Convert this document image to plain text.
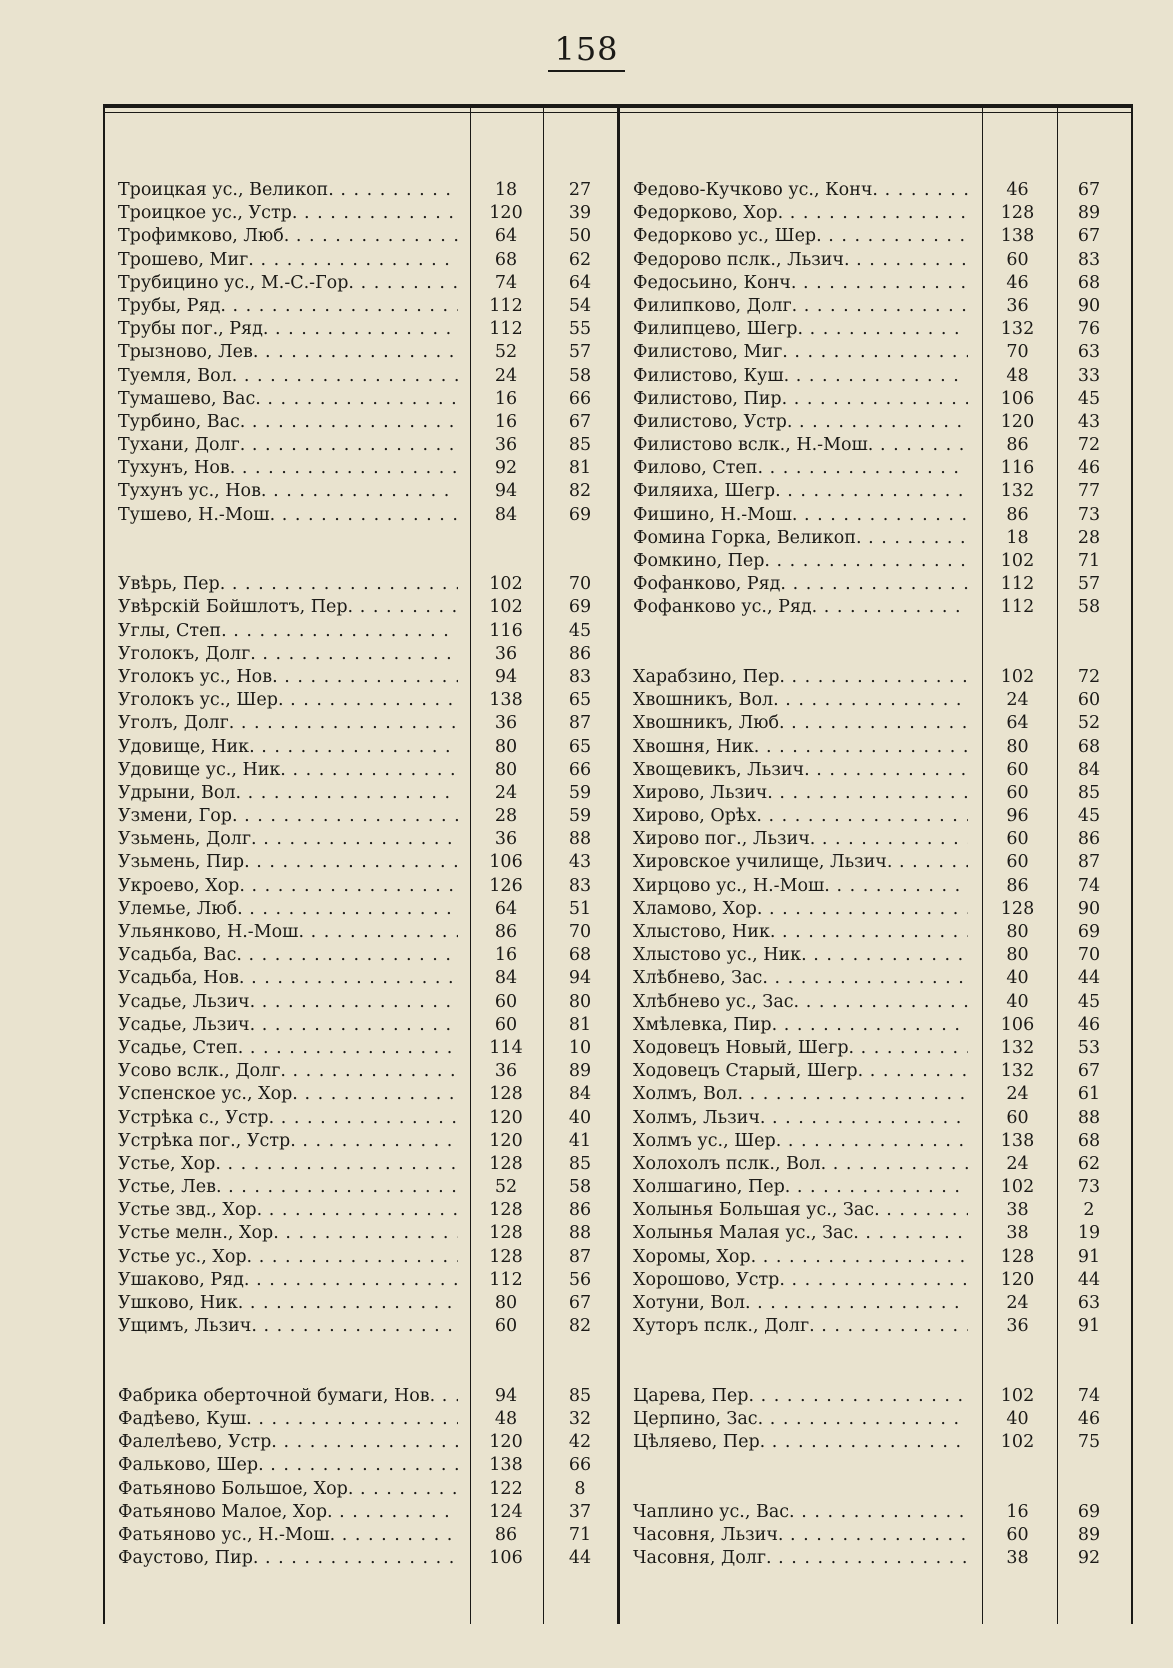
158
Троицкая ус., Великоп. . . .	18	27
Троицкое ус., Устр. . . .	120	39
Трофимково, Люб. . . .	64	50
Трошево, Миг. . . .	68	62
Трубицино ус., М.-С.-Гор. . . .	74	64
Трубы, Ряд. . . .	112	54
Трубы пог., Ряд. . . .	112	55
Трызново, Лев. . . .	52	57
Туемля, Вол. . . .	24	58
Тумашево, Вас. . . .	16	66
Турбино, Вас. . . .	16	67
Тухани, Долг. . . .	36	85
Тухунъ, Нов. . . .	92	81
Тухунъ ус., Нов. . . .	94	82
Тушево, Н.-Мош. . . .	84	69
Увѣрь, Пер. . . .	102	70
Увѣрскій Бойшлотъ, Пер. . . .	102	69
Углы, Степ. . . .	116	45
Уголокъ, Долг. . . .	36	86
Уголокъ ус., Нов. . . .	94	83
Уголокъ ус., Шер. . . .	138	65
Уголъ, Долг. . . .	36	87
Удовище, Ник. . . .	80	65
Удовище ус., Ник. . . .	80	66
Удрыни, Вол. . . .	24	59
Узмени, Гор. . . .	28	59
Узьмень, Долг. . . .	36	88
Узьмень, Пир. . . .	106	43
Укроево, Хор. . . .	126	83
Улемье, Люб. . . .	64	51
Ульянково, Н.-Мош. . . .	86	70
Усадьба, Вас. . . .	16	68
Усадьба, Нов. . . .	84	94
Усадье, Льзич. . . .	60	80
Усадье, Льзич. . . .	60	81
Усадье, Степ. . . .	114	10
Усово вслк., Долг. . . .	36	89
Успенское ус., Хор. . . .	128	84
Устрѣка с., Устр. . . .	120	40
Устрѣка пог., Устр. . . .	120	41
Устье, Хор. . . .	128	85
Устье, Лев. . . .	52	58
Устье звд., Хор. . . .	128	86
Устье мелн., Хор. . . .	128	88
Устье ус., Хор. . . .	128	87
Ушаково, Ряд. . . .	112	56
Ушково, Ник. . . .	80	67
Ущимъ, Льзич. . . .	60	82
Фабрика оберточной бумаги, Нов. . . .	94	85
Фадѣево, Куш. . . .	48	32
Фалелѣево, Устр. . . .	120	42
Фальково, Шер. . . .	138	66
Фатьяново Большое, Хор. . . .	122	8
Фатьяново Малое, Хор. . . .	124	37
Фатьяново ус., Н.-Мош. . . .	86	71
Фаустово, Пир. . . .	106	44
Федово-Кучково ус., Конч. . . .	46	67
Федорково, Хор. . . .	128	89
Федорково ус., Шер. . . .	138	67
Федорово пслк., Льзич. . . .	60	83
Федосьино, Конч. . . .	46	68
Филипково, Долг. . . .	36	90
Филипцево, Шегр. . . .	132	76
Филистово, Миг. . . .	70	63
Филистово, Куш. . . .	48	33
Филистово, Пир. . . .	106	45
Филистово, Устр. . . .	120	43
Филистово вслк., Н.-Мош. . . .	86	72
Филово, Степ. . . .	116	46
Филяиха, Шегр. . . .	132	77
Фишино, Н.-Мош. . . .	86	73
Фомина Горка, Великоп. . . .	18	28
Фомкино, Пер. . . .	102	71
Фофанково, Ряд. . . .	112	57
Фофанково ус., Ряд. . . .	112	58
Харабзино, Пер. . . .	102	72
Хвошникъ, Вол. . . .	24	60
Хвошникъ, Люб. . . .	64	52
Хвошня, Ник. . . .	80	68
Хвощевикъ, Льзич. . . .	60	84
Хирово, Льзич. . . .	60	85
Хирово, Орѣх. . . .	96	45
Хирово пог., Льзич. . . .	60	86
Хировское училище, Льзич. . . .	60	87
Хирцово ус., Н.-Мош. . . .	86	74
Хламово, Хор. . . .	128	90
Хлыстово, Ник. . . .	80	69
Хлыстово ус., Ник. . . .	80	70
Хлѣбнево, Зас. . . .	40	44
Хлѣбнево ус., Зас. . . .	40	45
Хмѣлевка, Пир. . . .	106	46
Ходовецъ Новый, Шегр. . . .	132	53
Ходовецъ Старый, Шегр. . . .	132	67
Холмъ, Вол. . . .	24	61
Холмъ, Льзич. . . .	60	88
Холмъ ус., Шер. . . .	138	68
Холохолъ пслк., Вол. . . .	24	62
Холшагино, Пер. . . .	102	73
Холынья Большая ус., Зас. . . .	38	2
Холынья Малая ус., Зас. . . .	38	19
Хоромы, Хор. . . .	128	91
Хорошово, Устр. . . .	120	44
Хотуни, Вол. . . .	24	63
Хуторъ пслк., Долг. . . .	36	91
Царева, Пер. . . .	102	74
Церпино, Зас. . . .	40	46
Цѣляево, Пер. . . .	102	75
Чаплино ус., Вас. . . .	16	69
Часовня, Льзич. . . .	60	89
Часовня, Долг. . . .	38	92
